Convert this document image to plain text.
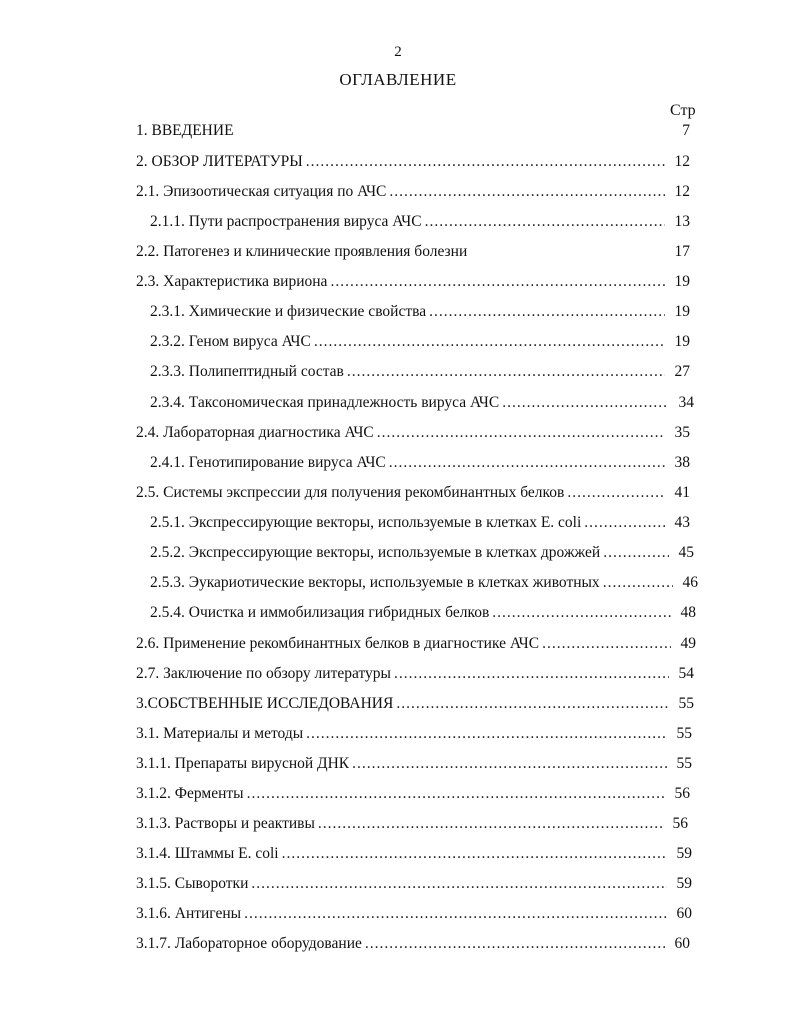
2
ОГЛАВЛЕНИЕ
Стр
1. ВВЕДЕНИЕ	7
2. ОБЗОР ЛИТЕРАТУРЫ .....	12
2.1. Эпизоотическая ситуация по АЧС .....	12
2.1.1. Пути распространения вируса АЧС .....	13
2.2. Патогенез и клинические проявления болезни	17
2.3. Характеристика вириона .....	19
2.3.1. Химические и физические свойства .....	19
2.3.2. Геном вируса АЧС .....	19
2.3.3. Полипептидный состав .....	27
2.3.4. Таксономическая принадлежность вируса АЧС .....	34
2.4. Лабораторная диагностика АЧС .....	35
2.4.1. Генотипирование вируса АЧС .....	38
2.5. Системы экспрессии для получения рекомбинантных белков .....	41
2.5.1. Экспрессирующие векторы, используемые в клетках E. coli .....	43
2.5.2. Экспрессирующие векторы, используемые в клетках дрожжей .....	45
2.5.3. Эукариотические векторы, используемые в клетках животных .....	46
2.5.4. Очистка и иммобилизация гибридных белков .....	48
2.6. Применение рекомбинантных белков в диагностике АЧС .....	49
2.7. Заключение по обзору литературы .....	54
3.СОБСТВЕННЫЕ ИССЛЕДОВАНИЯ .....	55
3.1. Материалы и методы .....	55
3.1.1. Препараты вирусной ДНК .....	55
3.1.2. Ферменты .....	56
3.1.3. Растворы и реактивы .....	56
3.1.4. Штаммы E. coli .....	59
3.1.5. Сыворотки .....	59
3.1.6. Антигены .....	60
3.1.7. Лабораторное оборудование .....	60
